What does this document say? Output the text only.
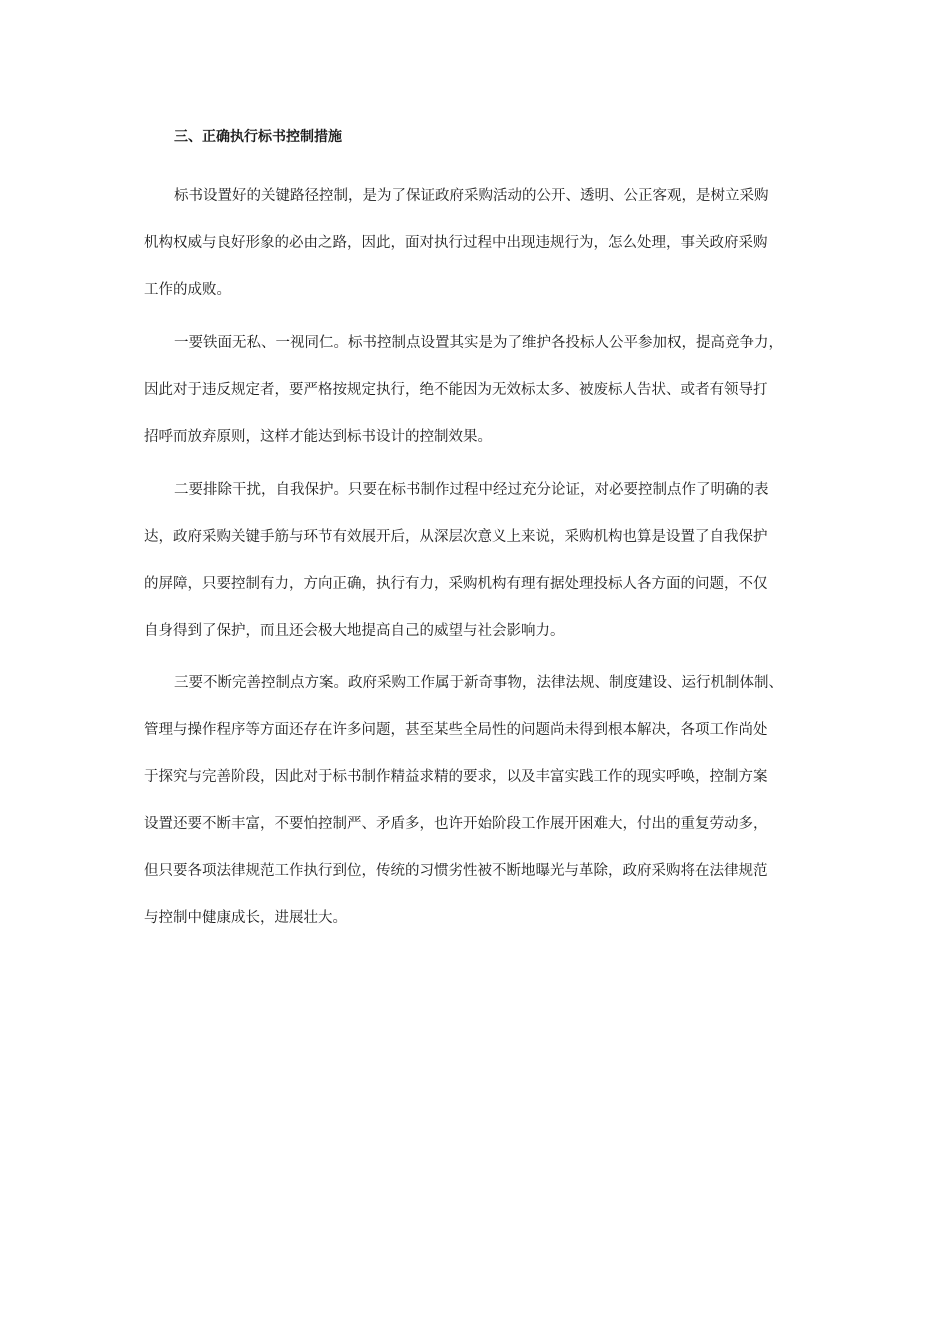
三、正确执行标书控制措施

标书设置好的关键路径控制，是为了保证政府采购活动的公开、透明、公正客观，是树立采购
机构权威与良好形象的必由之路，因此，面对执行过程中出现违规行为，怎么处理，事关政府采购
工作的成败。

一要铁面无私、一视同仁。标书控制点设置其实是为了维护各投标人公平参加权，提高竞争力，
因此对于违反规定者，要严格按规定执行，绝不能因为无效标太多、被废标人告状、或者有领导打
招呼而放弃原则，这样才能达到标书设计的控制效果。

二要排除干扰，自我保护。只要在标书制作过程中经过充分论证，对必要控制点作了明确的表
达，政府采购关键手筋与环节有效展开后，从深层次意义上来说，采购机构也算是设置了自我保护
的屏障，只要控制有力，方向正确，执行有力，采购机构有理有据处理投标人各方面的问题，不仅
自身得到了保护，而且还会极大地提高自己的威望与社会影响力。

三要不断完善控制点方案。政府采购工作属于新奇事物，法律法规、制度建设、运行机制体制、
管理与操作程序等方面还存在许多问题，甚至某些全局性的问题尚未得到根本解决，各项工作尚处
于探究与完善阶段，因此对于标书制作精益求精的要求，以及丰富实践工作的现实呼唤，控制方案
设置还要不断丰富，不要怕控制严、矛盾多，也许开始阶段工作展开困难大，付出的重复劳动多，
但只要各项法律规范工作执行到位，传统的习惯劣性被不断地曝光与革除，政府采购将在法律规范
与控制中健康成长，进展壮大。
